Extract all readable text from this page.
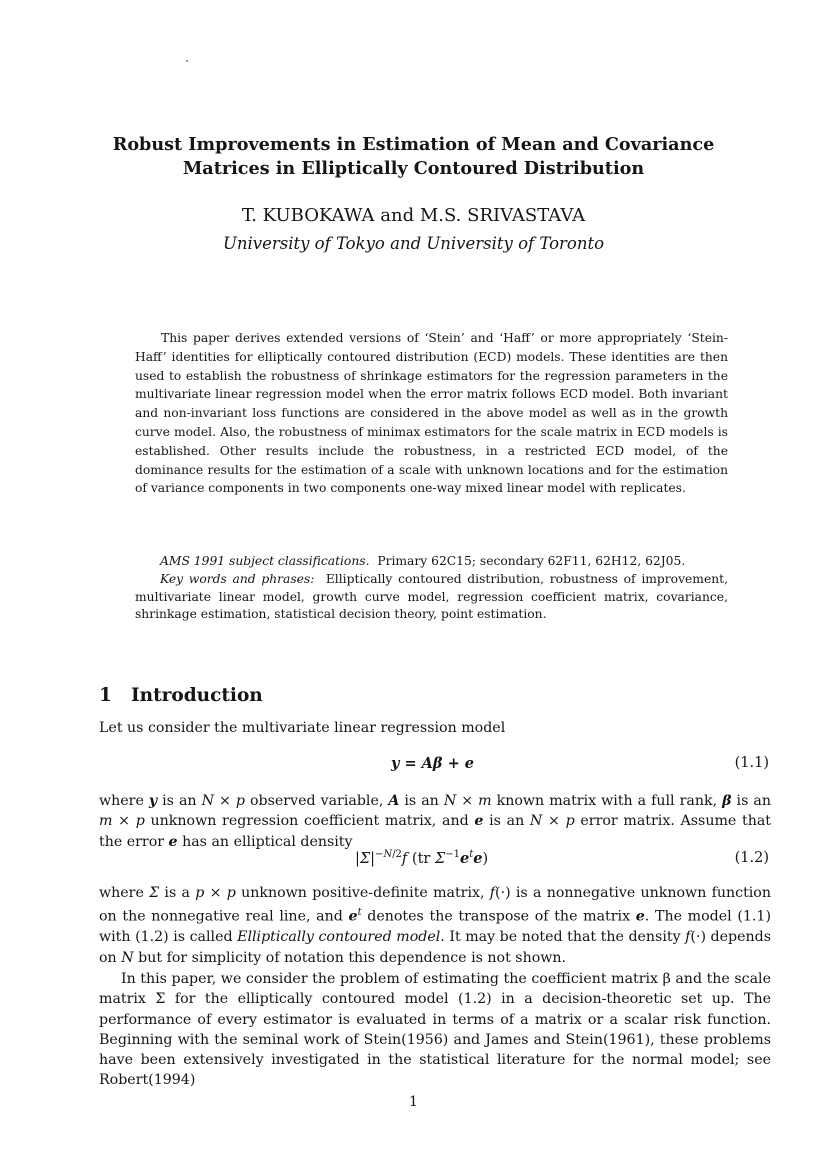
Robust Improvements in Estimation of Mean and Covariance
Matrices in Elliptically Contoured Distribution
T. KUBOKAWA and M.S. SRIVASTAVA
University of Tokyo and University of Toronto
This paper derives extended versions of ‘Stein’ and ‘Haff’ or more appropriately ‘Stein-Haff’ identities for elliptically contoured distribution (ECD) models. These identities are then used to establish the robustness of shrinkage estimators for the regression parameters in the multivariate linear regression model when the error matrix follows ECD model. Both invariant and non-invariant loss functions are considered in the above model as well as in the growth curve model. Also, the robustness of minimax estimators for the scale matrix in ECD models is established. Other results include the robustness, in a restricted ECD model, of the dominance results for the estimation of a scale with unknown locations and for the estimation of variance components in two components one-way mixed linear model with replicates.
AMS 1991 subject classifications. Primary 62C15; secondary 62F11, 62H12, 62J05.
Key words and phrases: Elliptically contoured distribution, robustness of improvement, multivariate linear model, growth curve model, regression coefficient matrix, covariance, shrinkage estimation, statistical decision theory, point estimation.
1 Introduction
Let us consider the multivariate linear regression model
y = Aβ + e	(1.1)
where y is an N × p observed variable, A is an N × m known matrix with a full rank, β is an m × p unknown regression coefficient matrix, and e is an N × p error matrix. Assume that the error e has an elliptical density
$|\Sigma|^{-N/2}f$ (tr $\Sigma^{-1}e^te$)	(1.2)
where Σ is a p × p unknown positive-definite matrix, f(·) is a nonnegative unknown function on the nonnegative real line, and $e^t$ denotes the transpose of the matrix e. The model (1.1) with (1.2) is called Elliptically contoured model. It may be noted that the density f(·) depends on N but for simplicity of notation this dependence is not shown.
In this paper, we consider the problem of estimating the coefficient matrix β and the scale matrix Σ for the elliptically contoured model (1.2) in a decision-theoretic set up. The performance of every estimator is evaluated in terms of a matrix or a scalar risk function. Beginning with the seminal work of Stein(1956) and James and Stein(1961), these problems have been extensively investigated in the statistical literature for the normal model; see Robert(1994)
1
